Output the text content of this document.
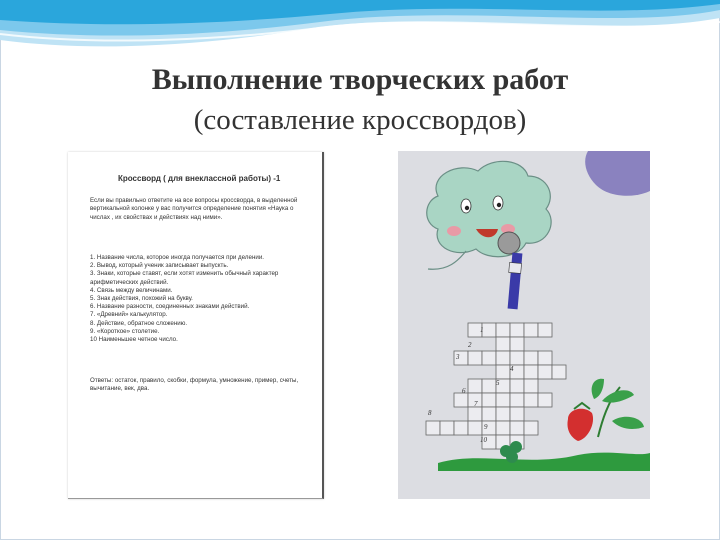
Выполнение творческих работ
(составление кроссвордов)
Кроссворд ( для внеклассной работы) -1
Если вы правильно ответите на все вопросы кроссворда, в выделенной вертикальной колонке у вас получится определение понятия «Наука о числах , их свойствах и действиях над ними».
1. Название числа, которое иногда получается при делении.
2. Вывод, который ученик записывает выпускть.
3. Знаки, которые ставят, если хотят изменить обычный характер арифметических действий.
4. Связь между величинами.
5. Знак действия, похожий на букву.
6. Название разности, соединенных знаками действий.
7. «Древний» калькулятор.
8. Действие, обратное сложению.
9. «Короткое» столетие.
10 Наименьшее четное число.
Ответы: остаток, правило, скобки, формула, умножение, пример, счеты, вычитание, век, два.
1
2
3
4
5
6
7
8
9
10
